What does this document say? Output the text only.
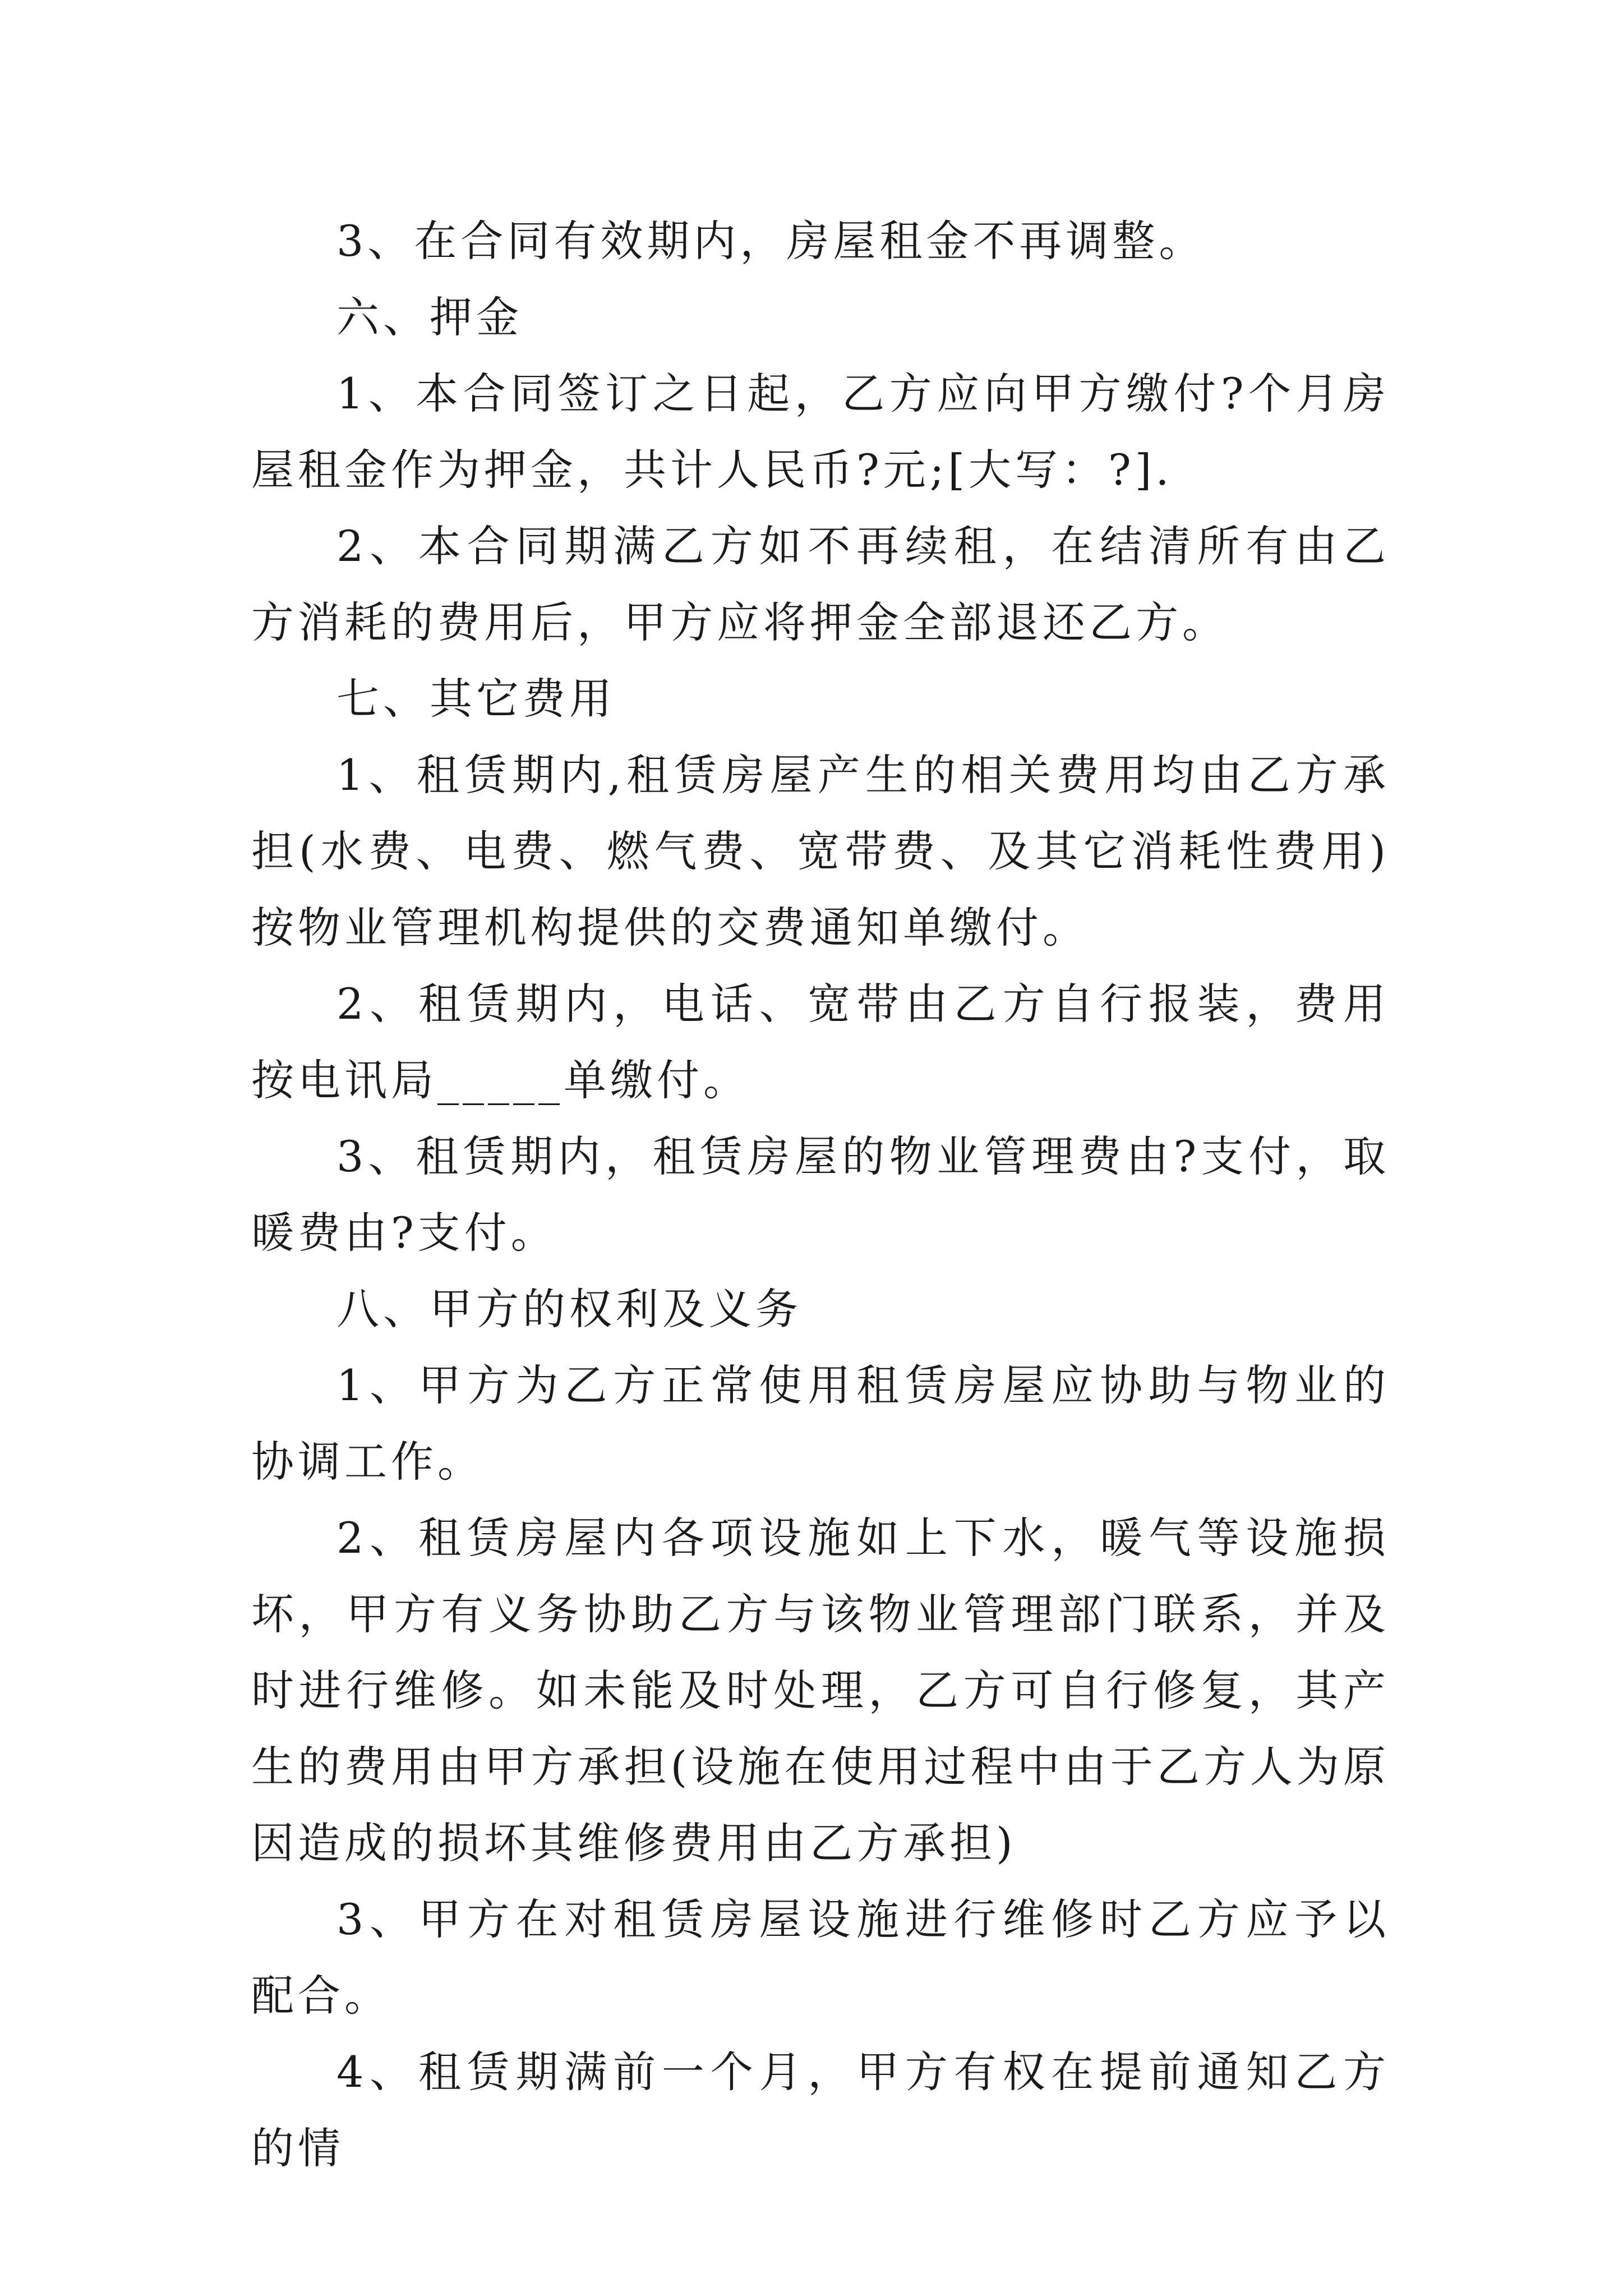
3、在合同有效期内，房屋租金不再调整。

六、押金

1、本合同签订之日起，乙方应向甲方缴付?个月房屋租金作为押金，共计人民币?元;[大写：?].

2、本合同期满乙方如不再续租，在结清所有由乙方消耗的费用后，甲方应将押金全部退还乙方。

七、其它费用

1、租赁期内,租赁房屋产生的相关费用均由乙方承担(水费、电费、燃气费、宽带费、及其它消耗性费用)按物业管理机构提供的交费通知单缴付。

2、租赁期内，电话、宽带由乙方自行报装，费用按电讯局_____单缴付。

3、租赁期内，租赁房屋的物业管理费由?支付，取暖费由?支付。

八、甲方的权利及义务

1、甲方为乙方正常使用租赁房屋应协助与物业的协调工作。

2、租赁房屋内各项设施如上下水，暖气等设施损坏，甲方有义务协助乙方与该物业管理部门联系，并及时进行维修。如未能及时处理，乙方可自行修复，其产生的费用由甲方承担(设施在使用过程中由于乙方人为原因造成的损坏其维修费用由乙方承担)

3、甲方在对租赁房屋设施进行维修时乙方应予以配合。

4、租赁期满前一个月，甲方有权在提前通知乙方的情
